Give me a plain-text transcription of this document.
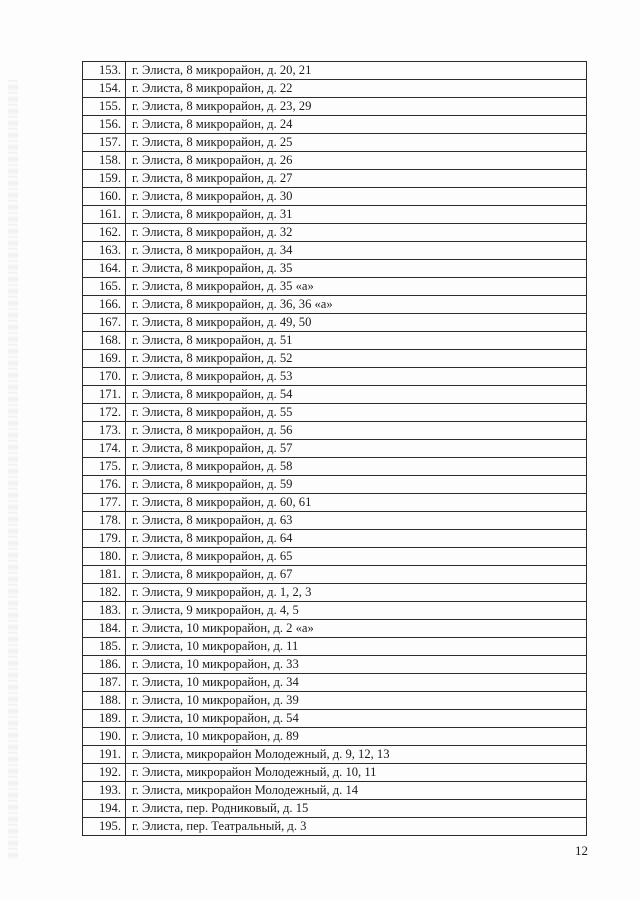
153.	г. Элиста, 8 микрорайон, д. 20, 21
154.	г. Элиста, 8 микрорайон, д. 22
155.	г. Элиста, 8 микрорайон, д. 23, 29
156.	г. Элиста, 8 микрорайон, д. 24
157.	г. Элиста, 8 микрорайон, д. 25
158.	г. Элиста, 8 микрорайон, д. 26
159.	г. Элиста, 8 микрорайон, д. 27
160.	г. Элиста, 8 микрорайон, д. 30
161.	г. Элиста, 8 микрорайон, д. 31
162.	г. Элиста, 8 микрорайон, д. 32
163.	г. Элиста, 8 микрорайон, д. 34
164.	г. Элиста, 8 микрорайон, д. 35
165.	г. Элиста, 8 микрорайон, д. 35 «а»
166.	г. Элиста, 8 микрорайон, д. 36, 36 «а»
167.	г. Элиста, 8 микрорайон, д. 49, 50
168.	г. Элиста, 8 микрорайон, д. 51
169.	г. Элиста, 8 микрорайон, д. 52
170.	г. Элиста, 8 микрорайон, д. 53
171.	г. Элиста, 8 микрорайон, д. 54
172.	г. Элиста, 8 микрорайон, д. 55
173.	г. Элиста, 8 микрорайон, д. 56
174.	г. Элиста, 8 микрорайон, д. 57
175.	г. Элиста, 8 микрорайон, д. 58
176.	г. Элиста, 8 микрорайон, д. 59
177.	г. Элиста, 8 микрорайон, д. 60, 61
178.	г. Элиста, 8 микрорайон, д. 63
179.	г. Элиста, 8 микрорайон, д. 64
180.	г. Элиста, 8 микрорайон, д. 65
181.	г. Элиста, 8 микрорайон, д. 67
182.	г. Элиста, 9 микрорайон, д. 1, 2, 3
183.	г. Элиста, 9 микрорайон, д. 4, 5
184.	г. Элиста, 10 микрорайон, д. 2 «а»
185.	г. Элиста, 10 микрорайон, д. 11
186.	г. Элиста, 10 микрорайон, д. 33
187.	г. Элиста, 10 микрорайон, д. 34
188.	г. Элиста, 10 микрорайон, д. 39
189.	г. Элиста, 10 микрорайон, д. 54
190.	г. Элиста, 10 микрорайон, д. 89
191.	г. Элиста, микрорайон Молодежный, д. 9, 12, 13
192.	г. Элиста, микрорайон Молодежный, д. 10, 11
193.	г. Элиста, микрорайон Молодежный, д. 14
194.	г. Элиста, пер. Родниковый, д. 15
195.	г. Элиста, пер. Театральный, д. 3
12
